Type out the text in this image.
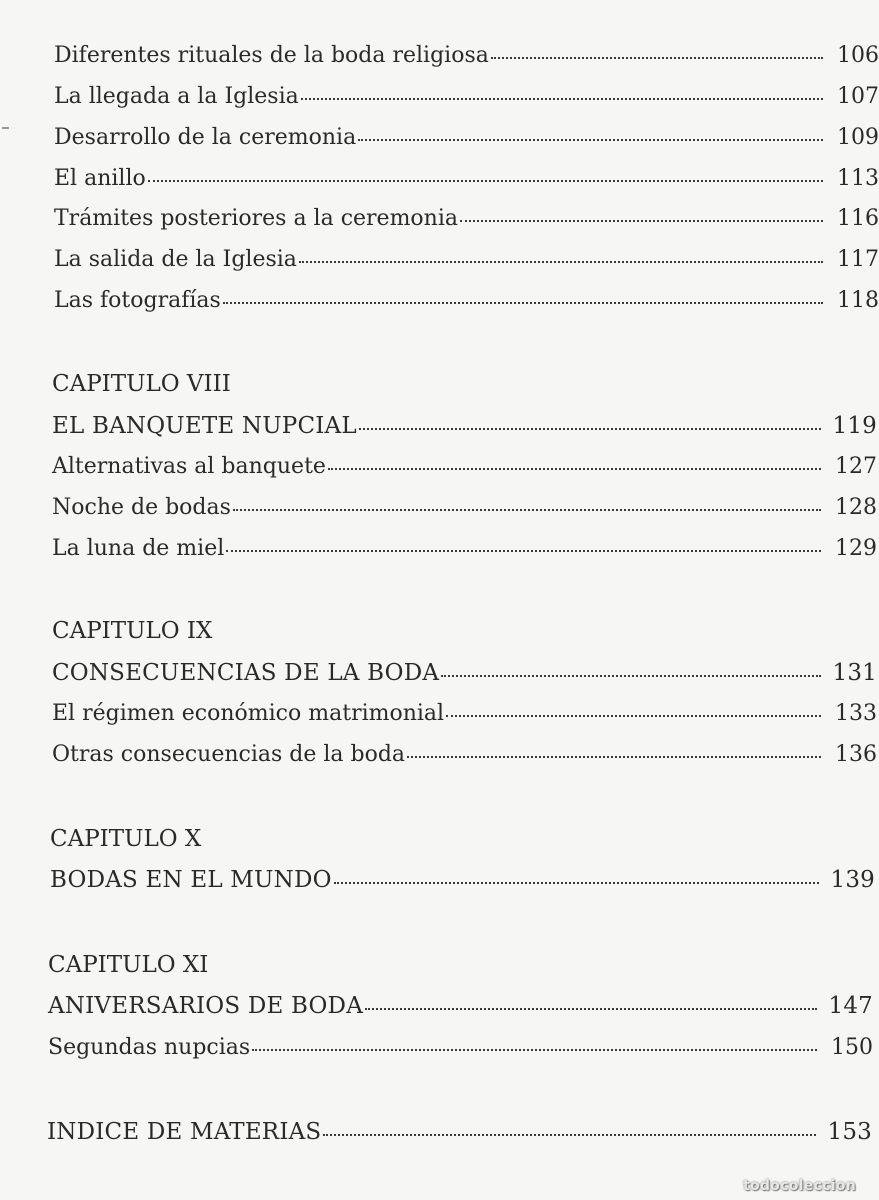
Diferentes rituales de la boda religiosa	106
La llegada a la Iglesia	107
Desarrollo de la ceremonia	109
El anillo	113
Trámites posteriores a la ceremonia	116
La salida de la Iglesia	117
Las fotografías	118
CAPITULO VIII
EL BANQUETE NUPCIAL	119
Alternativas al banquete	127
Noche de bodas	128
La luna de miel	129
CAPITULO IX
CONSECUENCIAS DE LA BODA	131
El régimen económico matrimonial	133
Otras consecuencias de la boda	136
CAPITULO X
BODAS EN EL MUNDO	139
CAPITULO XI
ANIVERSARIOS DE BODA	147
Segundas nupcias	150
INDICE DE MATERIAS	153
todocoleccion
